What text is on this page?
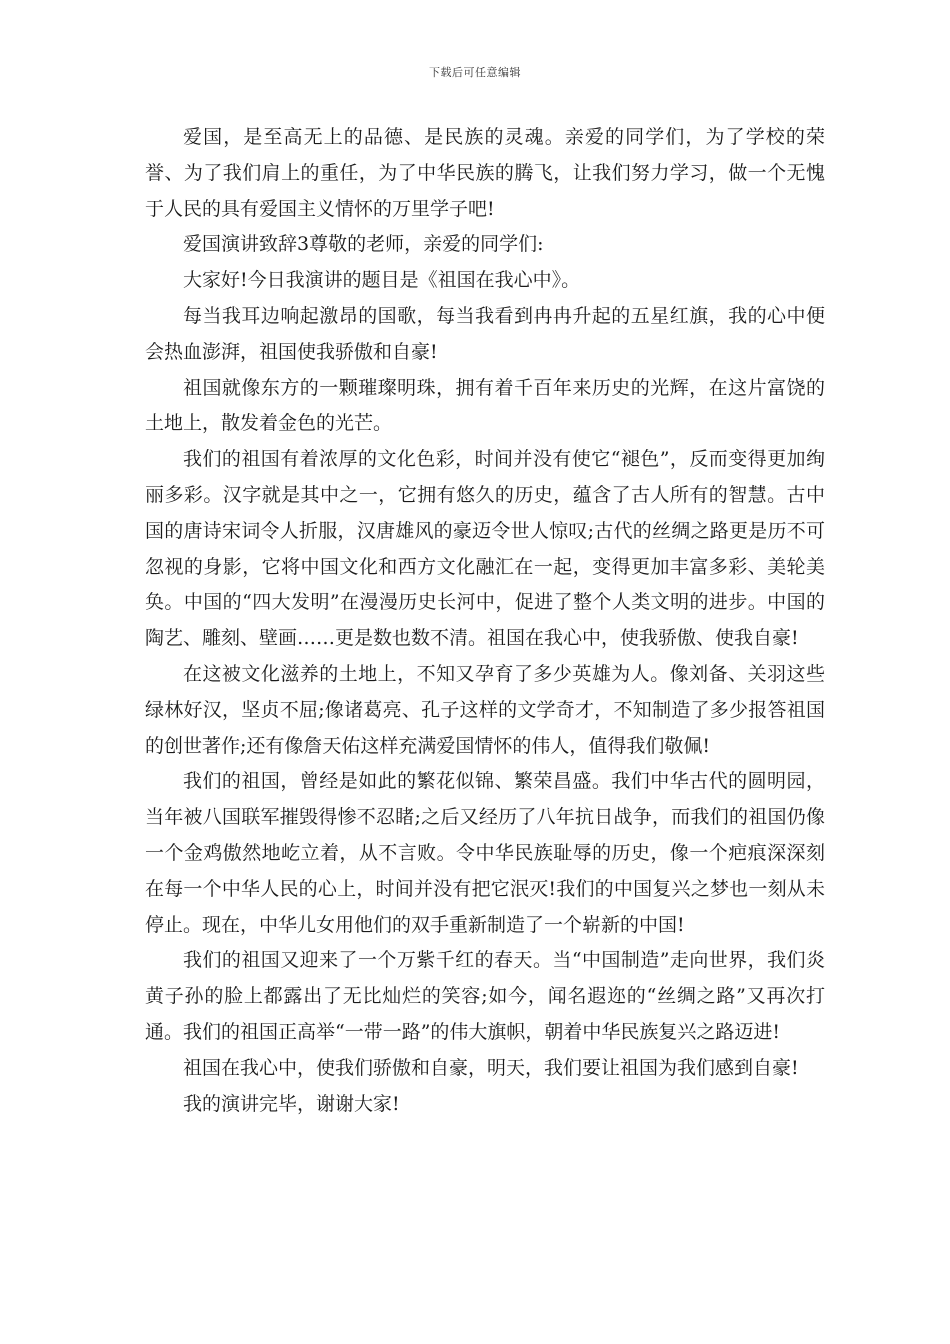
下载后可任意编辑

爱国，是至高无上的品德、是民族的灵魂。亲爱的同学们，为了学校的荣誉、为了我们肩上的重任，为了中华民族的腾飞，让我们努力学习，做一个无愧于人民的具有爱国主义情怀的万里学子吧!

爱国演讲致辞3尊敬的老师，亲爱的同学们:

大家好!今日我演讲的题目是《祖国在我心中》。

每当我耳边响起激昂的国歌，每当我看到冉冉升起的五星红旗，我的心中便会热血澎湃，祖国使我骄傲和自豪!

祖国就像东方的一颗璀璨明珠，拥有着千百年来历史的光辉，在这片富饶的土地上，散发着金色的光芒。

我们的祖国有着浓厚的文化色彩，时间并没有使它“褪色”，反而变得更加绚丽多彩。汉字就是其中之一，它拥有悠久的历史，蕴含了古人所有的智慧。古中国的唐诗宋词令人折服，汉唐雄风的豪迈令世人惊叹;古代的丝绸之路更是历不可忽视的身影，它将中国文化和西方文化融汇在一起，变得更加丰富多彩、美轮美奂。中国的“四大发明”在漫漫历史长河中，促进了整个人类文明的进步。中国的陶艺、雕刻、壁画……更是数也数不清。祖国在我心中，使我骄傲、使我自豪!

在这被文化滋养的土地上，不知又孕育了多少英雄为人。像刘备、关羽这些绿林好汉，坚贞不屈;像诸葛亮、孔子这样的文学奇才，不知制造了多少报答祖国的创世著作;还有像詹天佑这样充满爱国情怀的伟人，值得我们敬佩!

我们的祖国，曾经是如此的繁花似锦、繁荣昌盛。我们中华古代的圆明园，当年被八国联军摧毁得惨不忍睹;之后又经历了八年抗日战争，而我们的祖国仍像一个金鸡傲然地屹立着，从不言败。令中华民族耻辱的历史，像一个疤痕深深刻在每一个中华人民的心上，时间并没有把它泯灭!我们的中国复兴之梦也一刻从未停止。现在，中华儿女用他们的双手重新制造了一个崭新的中国!

我们的祖国又迎来了一个万紫千红的春天。当“中国制造”走向世界，我们炎黄子孙的脸上都露出了无比灿烂的笑容;如今，闻名遐迩的“丝绸之路”又再次打通。我们的祖国正高举“一带一路”的伟大旗帜，朝着中华民族复兴之路迈进!

祖国在我心中，使我们骄傲和自豪，明天，我们要让祖国为我们感到自豪!

我的演讲完毕，谢谢大家!
